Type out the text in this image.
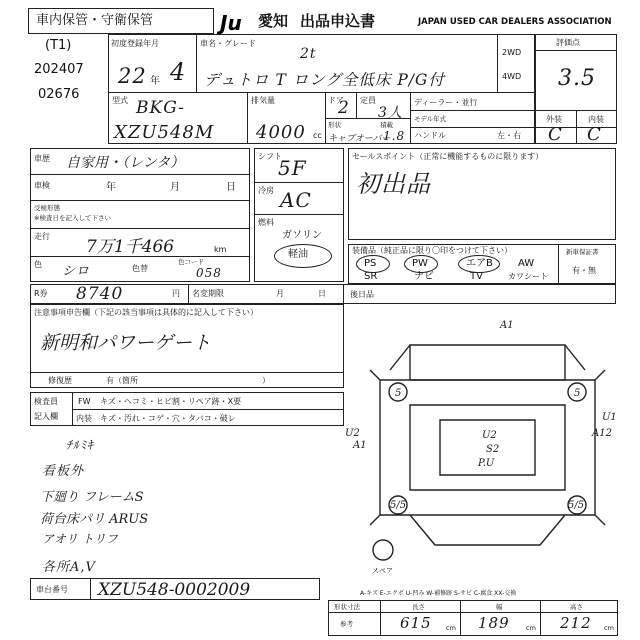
車内保管・守衛保管	Ju 愛知 出品申込書	JAPAN USED CAR DEALERS ASSOCIATION
(T1)
202407
02676
初度登録年月
22 4
年
車名・グレード
2t
デュトロ T ロング全低床 P/G付
2WD
4WD
評価点
3.5
外装	内装
C C
型式 BKG-
XZU548M
排気量
4000 cc
ドア
2 定員
3人
形状
キャブオーバー
積載
1.8
ディーラー・並行
モデル年式
ハンドル	左・右
車歴 自家用・（レンタ）
車検	年	月	日
受検形態
※検査日を記入して下さい
走行
7万1千466	km
色 シロ	色替
色コード
058
シフト
5F
冷房 AC
燃料
ガソリン
軽油
セールスポイント（正常に機能するものに限ります）
初出品
装備品（純正品に限り〇印をつけて下さい）
PS	PW	エアB	AW
SR	ナビ	TV	カワシート
新車保証書
有・無
R券 8740	円 名変期限	月	日	後日品
注意事項申告欄（下記の該当事項は具体的に記入して下さい）
新明和パワーゲート
修復歴	有（箇所	）
検査員
記入欄
FW キズ・ヘコミ・ヒビ割・リペア跡・X要
内装 キズ・汚れ・コゲ・穴・タバコ・破レ
ﾁﾙﾐｷ
看板外
下廻り フレームS
荷台床パリ ARUS
アオリ トリフ
各所A,V
A1
5	5
U2
A1
U1
A12
U2
S2
P.U
5/5	5/5
スペア
A-キズ E-エクボ U-凹み W-補修跡 S-サビ C-腐食 XX-交換
車台番号 XZU548-0002009
形状寸法
参考
長さ	幅	高さ
615	189	212
cm	cm	cm
